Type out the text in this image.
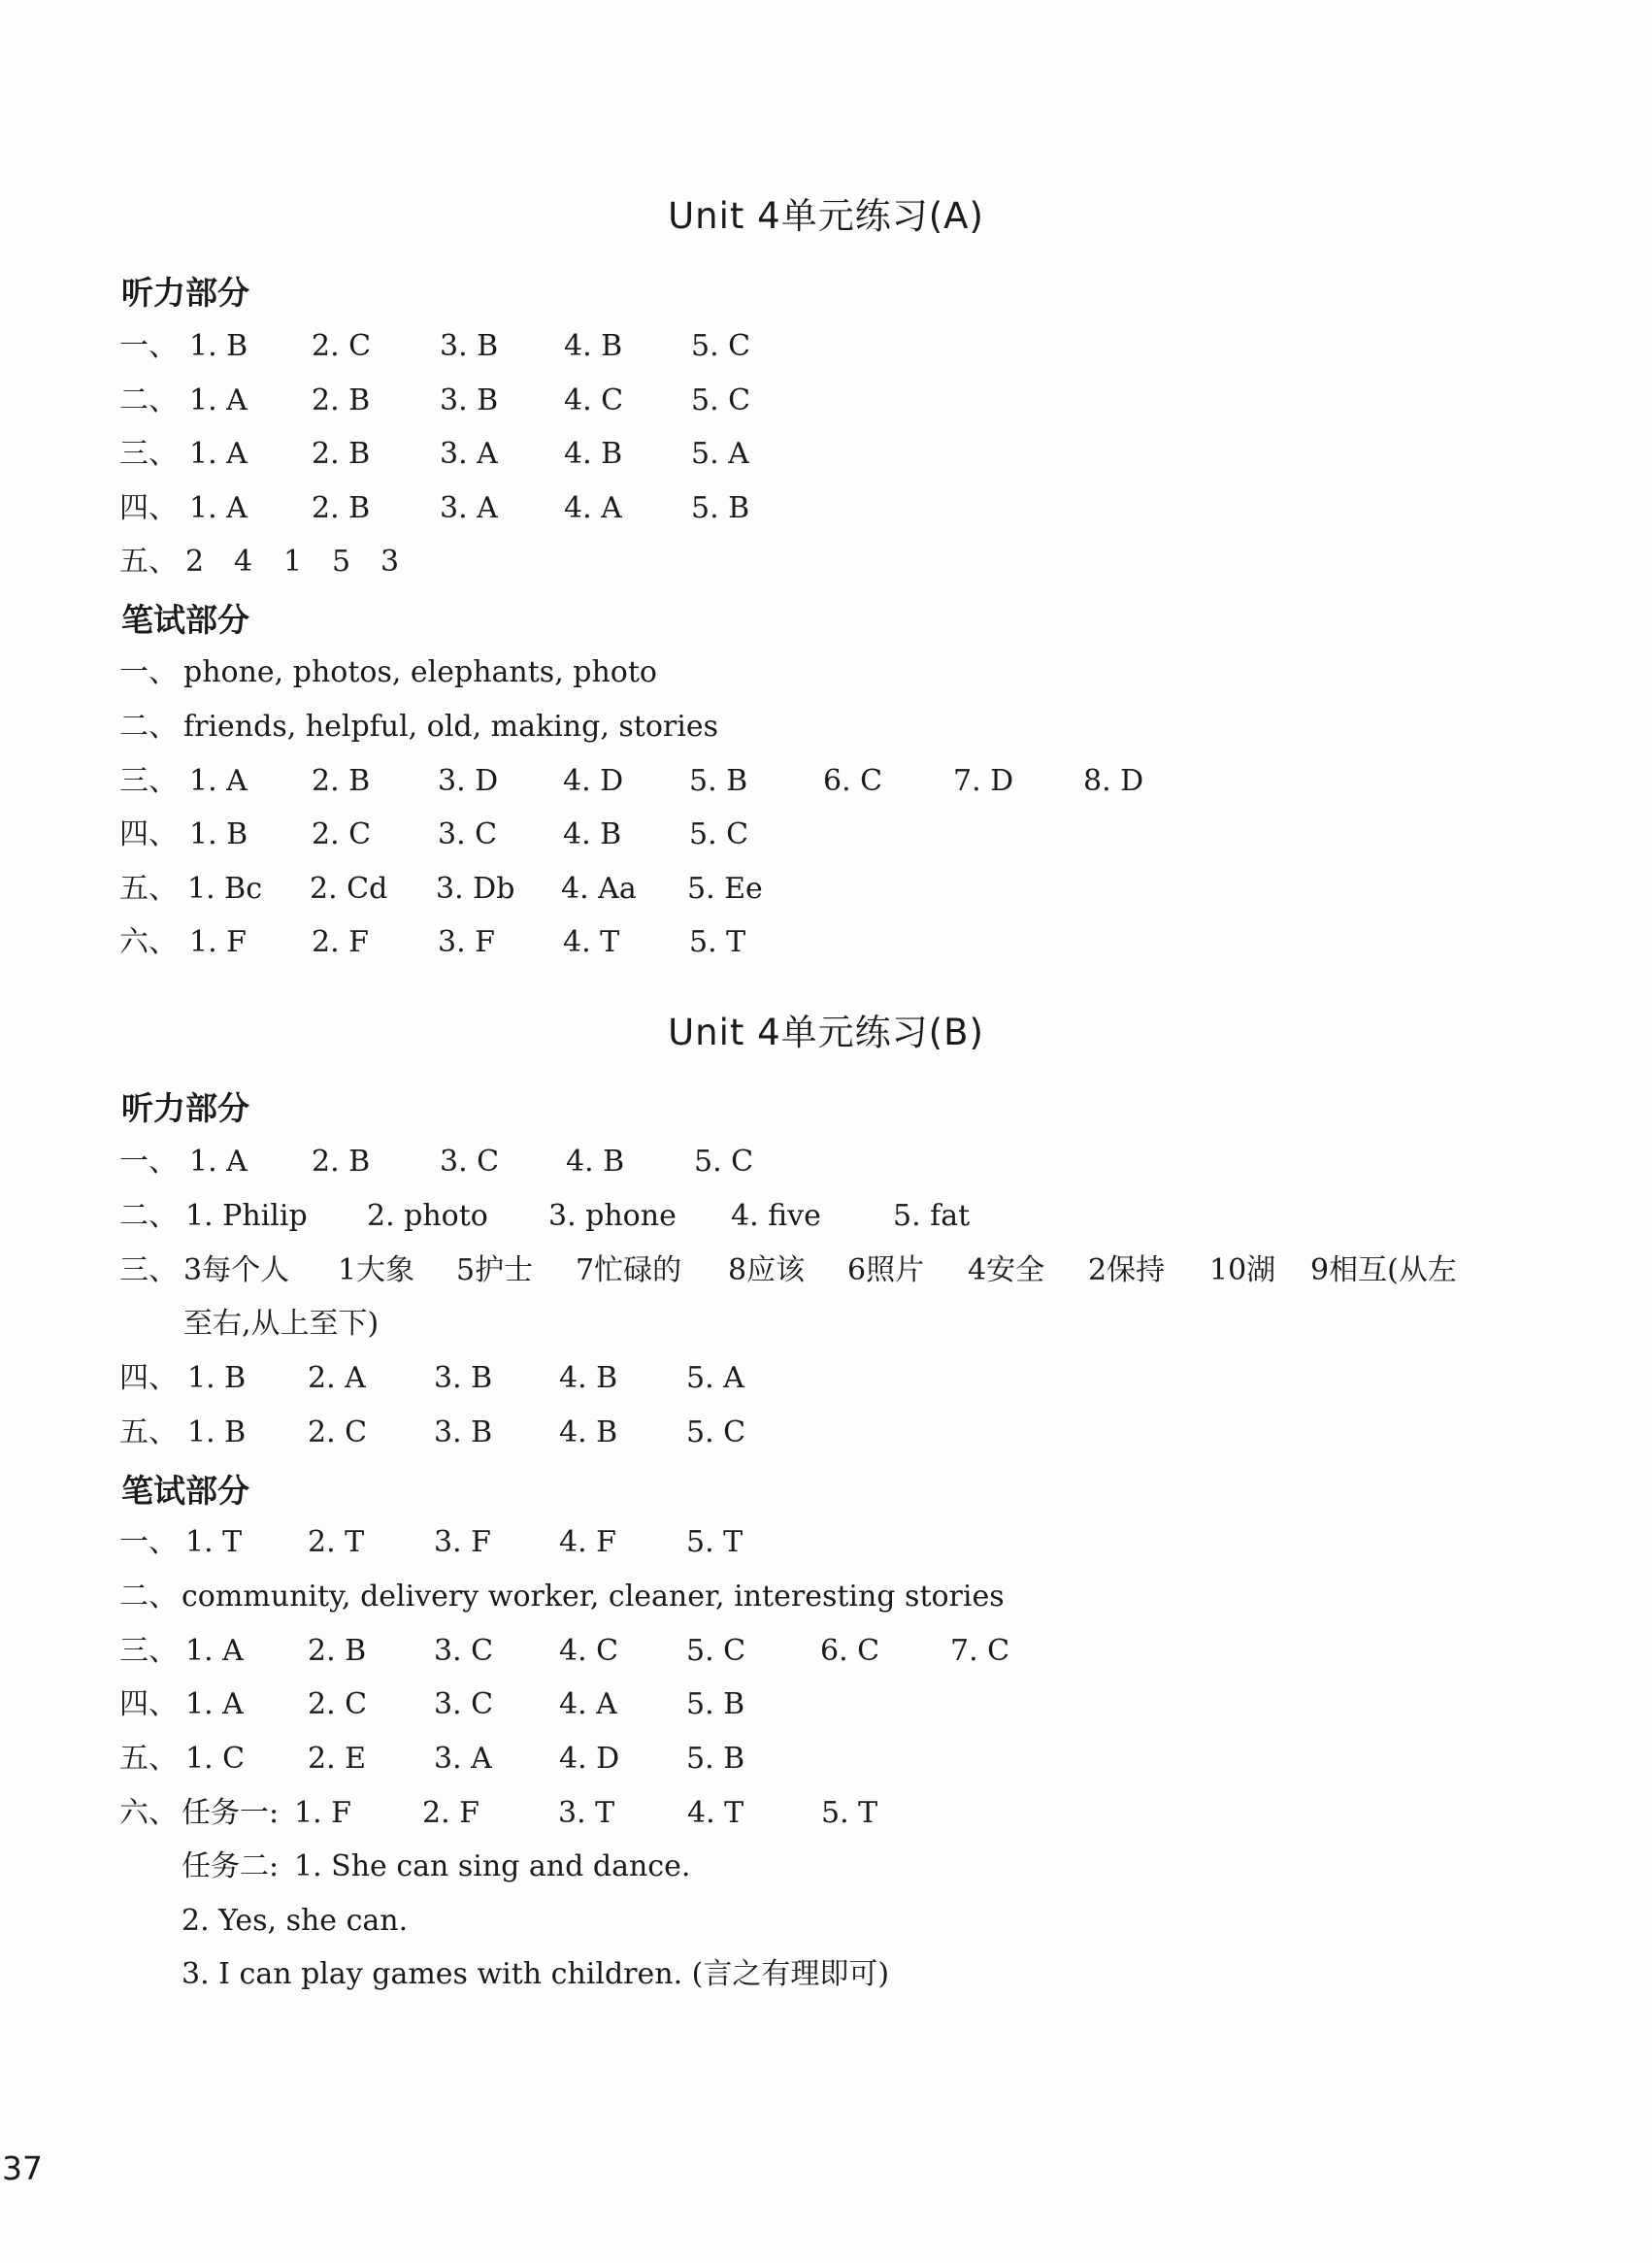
Unit 4单元练习(A)
听力部分
一、 1. B 2. C 3. B 4. B 5. C
二、 1. A 2. B 3. B 4. C 5. C
三、 1. A 2. B 3. A 4. B 5. A
四、 1. A 2. B 3. A 4. A 5. B
五、 2 4 1 5 3
笔试部分
一、 phone, photos, elephants, photo
二、 friends, helpful, old, making, stories
三、 1. A 2. B 3. D 4. D 5. B	6. C 7. D 8. D
四、 1. B 2. C 3. C 4. B 5. C
五、 1. Bc 2. Cd 3. Db 4. Aa 5. Ee
六、 1. F 2. F 3. F 4. T 5. T
Unit 4单元练习(B)
听力部分
一、 1. A 2. B 3. C 4. B 5. C
二、 1. Philip 2. photo 3. phone 4. five 5. fat
三、 3每个人 1大象 5护士 7忙碌的 8应该 6照片 4安全 2保持 10湖 9相互(从左
至右,从上至下)
四、 1. B 2. A 3. B 4. B 5. A
五、 1. B 2. C 3. B 4. B 5. C
笔试部分
一、 1. T 2. T 3. F 4. F 5. T
二、 community, delivery worker, cleaner, interesting stories
三、 1. A 2. B 3. C 4. C 5. C	6. C 7. C
四、 1. A 2. C 3. C 4. A 5. B
五、 1. C 2. E 3. A 4. D 5. B
六、 任务一: 1. F 2. F	3. T 4. T	5. T
任务二: 1. She can sing and dance.
2. Yes, she can.
3. I can play games with children. (言之有理即可)
37
